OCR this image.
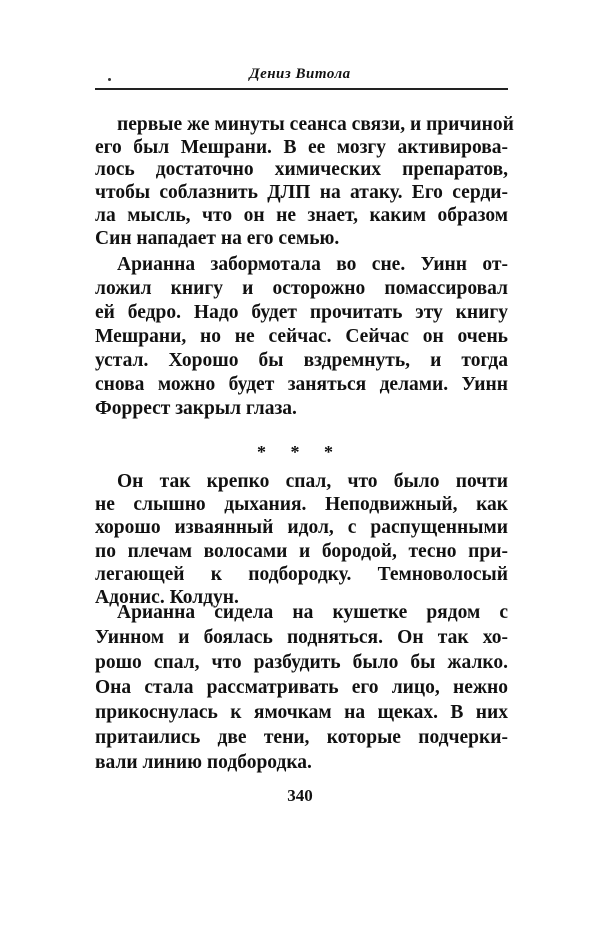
Дениз Витола
первые же минуты сеанса связи, и причиной
его был Мешрани. В ее мозгу активирова-
лось достаточно химических препаратов,
чтобы соблазнить ДЛП на атаку. Его серди-
ла мысль, что он не знает, каким образом
Син нападает на его семью.
Арианна забормотала во сне. Уинн от-
ложил книгу и осторожно помассировал
ей бедро. Надо будет прочитать эту книгу
Мешрани, но не сейчас. Сейчас он очень
устал. Хорошо бы вздремнуть, и тогда
снова можно будет заняться делами. Уинн
Форрест закрыл глаза.
* * *
Он так крепко спал, что было почти
не слышно дыхания. Неподвижный, как
хорошо изваянный идол, с распущенными
по плечам волосами и бородой, тесно при-
легающей к подбородку. Темноволосый
Адонис. Колдун.
Арианна сидела на кушетке рядом с
Уинном и боялась подняться. Он так хо-
рошо спал, что разбудить было бы жалко.
Она стала рассматривать его лицо, нежно
прикоснулась к ямочкам на щеках. В них
притаились две тени, которые подчерки-
вали линию подбородка.
340
